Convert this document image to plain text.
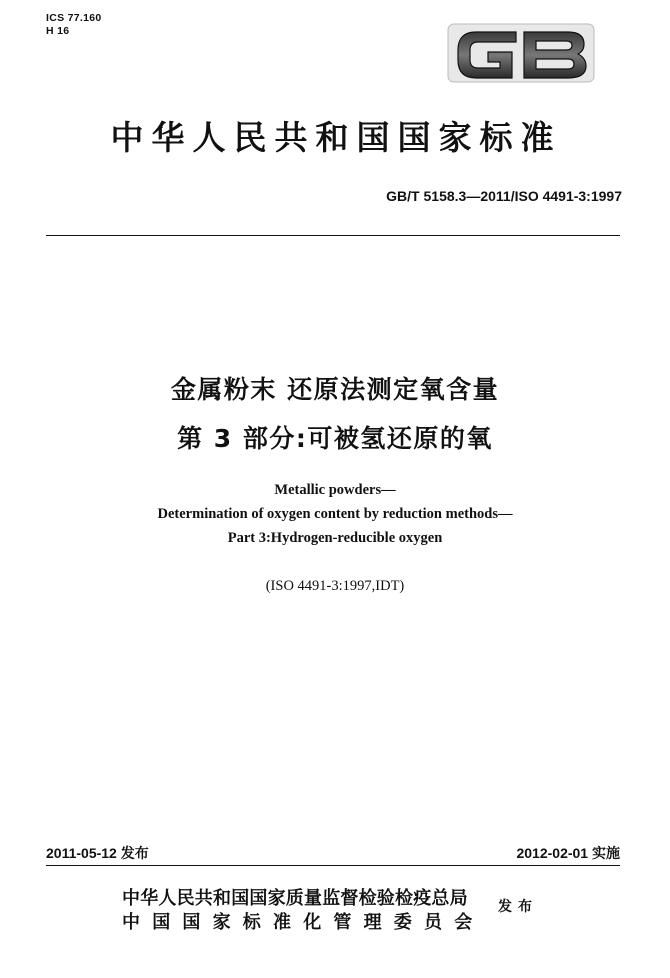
ICS 77.160
H 16
GB
中华人民共和国国家标准
GB/T 5158.3—2011/ISO 4491-3:1997
金属粉末 还原法测定氧含量
第 3 部分:可被氢还原的氧
Metallic powders—
Determination of oxygen content by reduction methods—
Part 3:Hydrogen-reducible oxygen
(ISO 4491-3:1997,IDT)
2011-05-12 发布	2012-02-01 实施
中华人民共和国国家质量监督检验检疫总局
中国国家标准化管理委员会
发布
